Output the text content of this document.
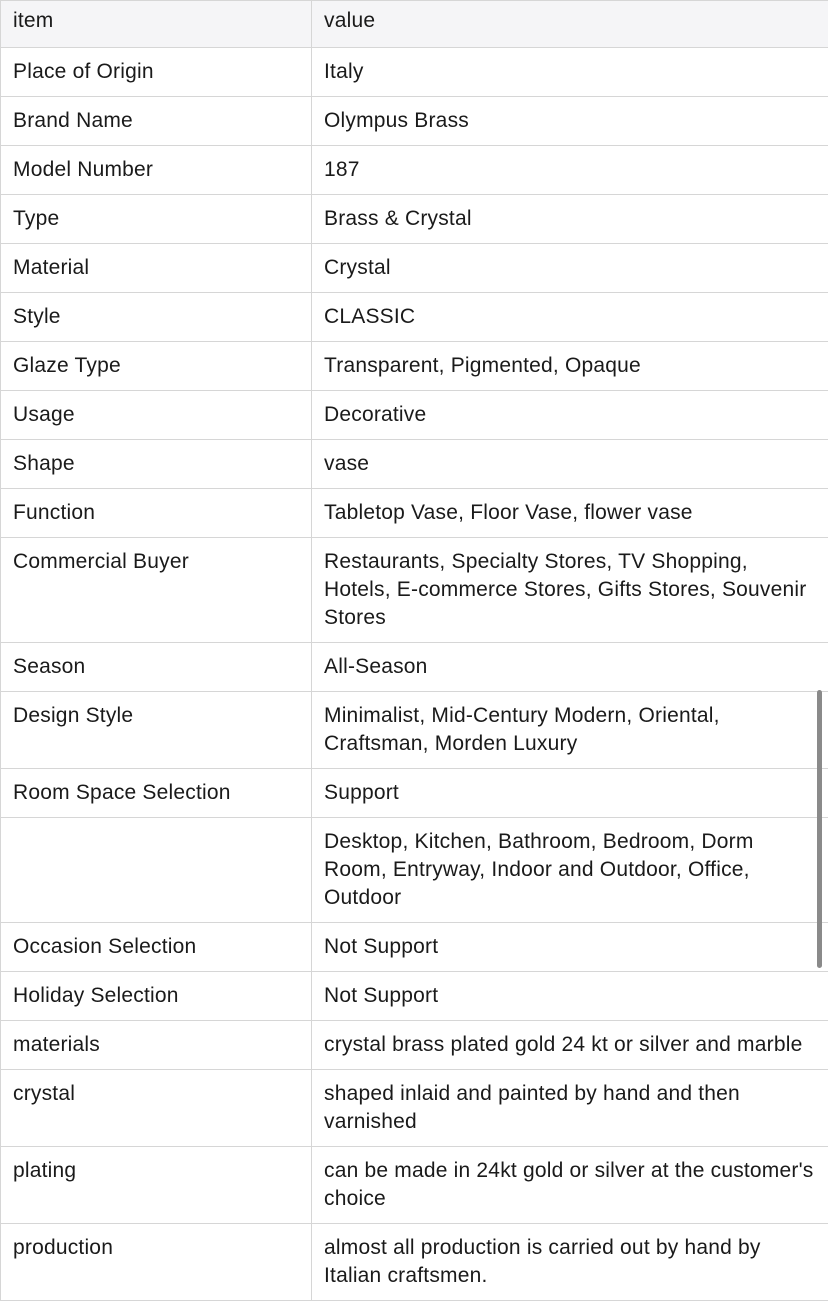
item	value
Place of Origin	Italy
Brand Name	Olympus Brass
Model Number	187
Type	Brass & Crystal
Material	Crystal
Style	CLASSIC
Glaze Type	Transparent, Pigmented, Opaque
Usage	Decorative
Shape	vase
Function	Tabletop Vase, Floor Vase, flower vase
Commercial Buyer	Restaurants, Specialty Stores, TV Shopping, Hotels, E-commerce Stores, Gifts Stores, Souvenir Stores
Season	All-Season
Design Style	Minimalist, Mid-Century Modern, Oriental, Craftsman, Morden Luxury
Room Space Selection	Support
	Desktop, Kitchen, Bathroom, Bedroom, Dorm Room, Entryway, Indoor and Outdoor, Office, Outdoor
Occasion Selection	Not Support
Holiday Selection	Not Support
materials	crystal brass plated gold 24 kt or silver and marble
crystal	shaped inlaid and painted by hand and then varnished
plating	can be made in 24kt gold or silver at the customer's choice
production	almost all production is carried out by hand by Italian craftsmen.
